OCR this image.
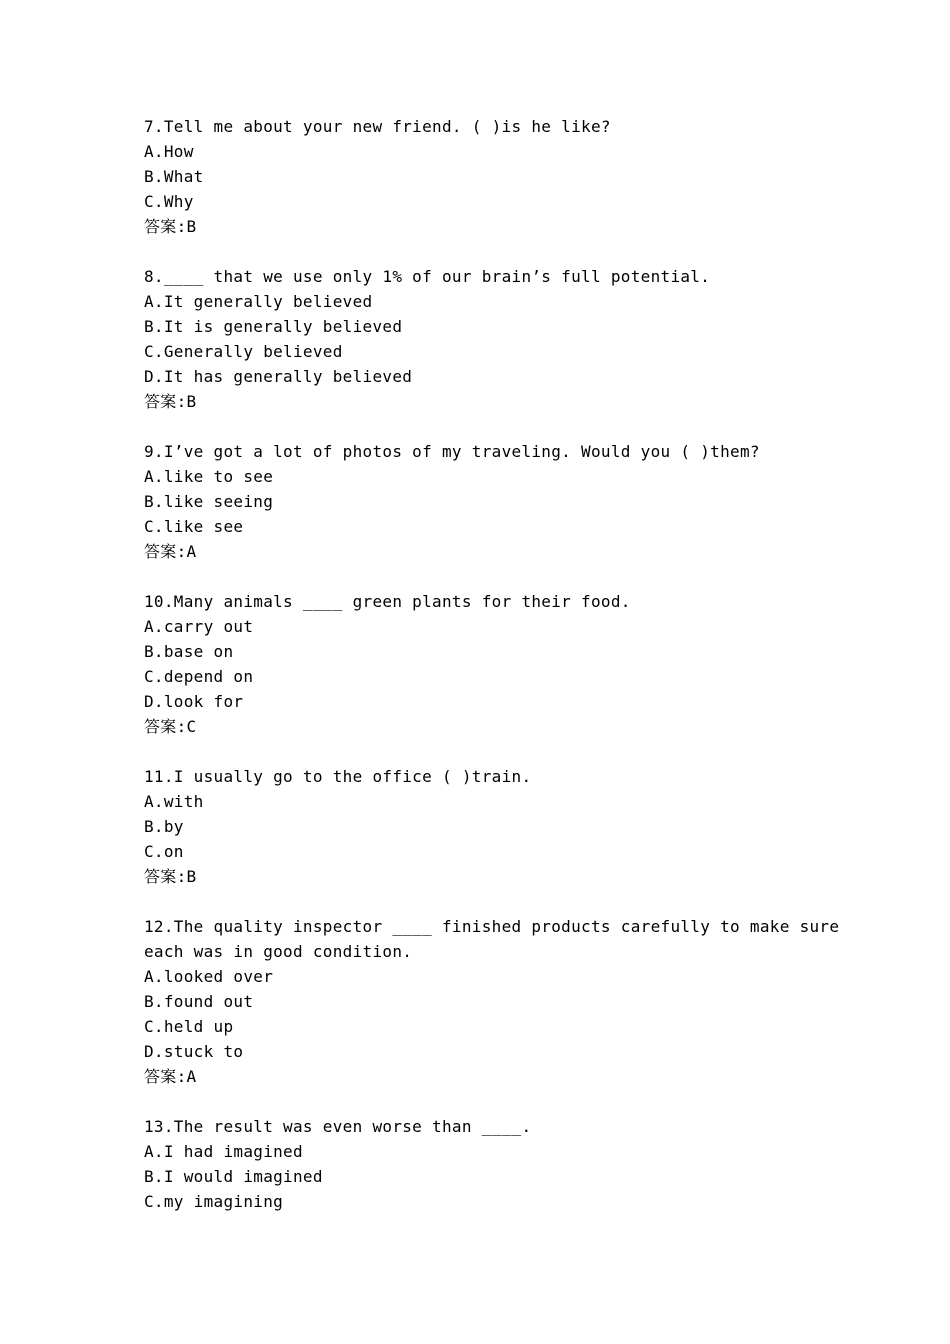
7.Tell me about your new friend. ( )is he like?
A.How
B.What
C.Why
答案:B
8.____ that we use only 1% of our brain’s full potential.
A.It generally believed
B.It is generally believed
C.Generally believed
D.It has generally believed
答案:B
9.I’ve got a lot of photos of my traveling. Would you ( )them?
A.like to see
B.like seeing
C.like see
答案:A
10.Many animals ____ green plants for their food.
A.carry out
B.base on
C.depend on
D.look for
答案:C
11.I usually go to the office ( )train.
A.with
B.by
C.on
答案:B
12.The quality inspector ____ finished products carefully to make sure
each was in good condition.
A.looked over
B.found out
C.held up
D.stuck to
答案:A
13.The result was even worse than ____.
A.I had imagined
B.I would imagined
C.my imagining
